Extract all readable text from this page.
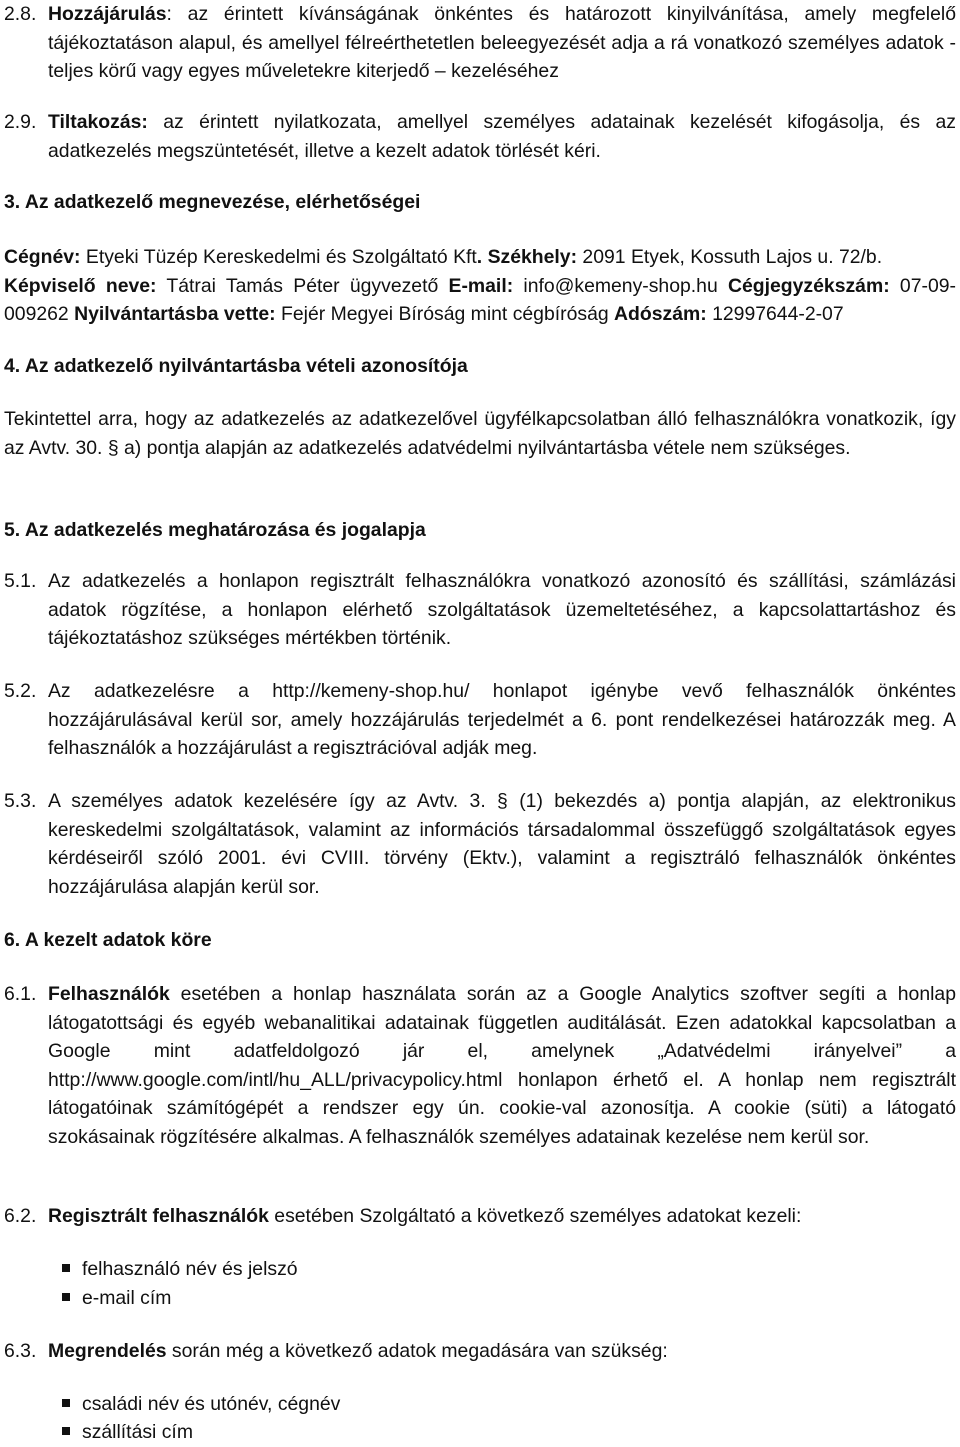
2.8. Hozzájárulás: az érintett kívánságának önkéntes és határozott kinyilvánítása, amely megfelelő tájékoztatáson alapul, és amellyel félreérthetetlen beleegyezését adja a rá vonatkozó személyes adatok - teljes körű vagy egyes műveletekre kiterjedő – kezeléséhez
2.9. Tiltakozás: az érintett nyilatkozata, amellyel személyes adatainak kezelését kifogásolja, és az adatkezelés megszüntetését, illetve a kezelt adatok törlését kéri.
3. Az adatkezelő megnevezése, elérhetőségei
Cégnév: Etyeki Tüzép Kereskedelmi és Szolgáltató Kft. Székhely: 2091 Etyek, Kossuth Lajos u. 72/b.
Képviselő neve: Tátrai Tamás Péter ügyvezető E-mail: info@kemeny-shop.hu Cégjegyzékszám: 07-09-009262 Nyilvántartásba vette: Fejér Megyei Bíróság mint cégbíróság Adószám: 12997644-2-07
4. Az adatkezelő nyilvántartásba vételi azonosítója
Tekintettel arra, hogy az adatkezelés az adatkezelővel ügyfélkapcsolatban álló felhasználókra vonatkozik, így az Avtv. 30. § a) pontja alapján az adatkezelés adatvédelmi nyilvántartásba vétele nem szükséges.
5. Az adatkezelés meghatározása és jogalapja
5.1. Az adatkezelés a honlapon regisztrált felhasználókra vonatkozó azonosító és szállítási, számlázási adatok rögzítése, a honlapon elérhető szolgáltatások üzemeltetéséhez, a kapcsolattartáshoz és tájékoztatáshoz szükséges mértékben történik.
5.2. Az adatkezelésre a http://kemeny-shop.hu/ honlapot igénybe vevő felhasználók önkéntes hozzájárulásával kerül sor, amely hozzájárulás terjedelmét a 6. pont rendelkezései határozzák meg. A felhasználók a hozzájárulást a regisztrációval adják meg.
5.3. A személyes adatok kezelésére így az Avtv. 3. § (1) bekezdés a) pontja alapján, az elektronikus kereskedelmi szolgáltatások, valamint az információs társadalommal összefüggő szolgáltatások egyes kérdéseiről szóló 2001. évi CVIII. törvény (Ektv.), valamint a regisztráló felhasználók önkéntes hozzájárulása alapján kerül sor.
6. A kezelt adatok köre
6.1. Felhasználók esetében a honlap használata során az a Google Analytics szoftver segíti a honlap látogatottsági és egyéb webanalitikai adatainak független auditálását. Ezen adatokkal kapcsolatban a Google mint adatfeldolgozó jár el, amelynek „Adatvédelmi irányelvei” a http://www.google.com/intl/hu_ALL/privacypolicy.html honlapon érhető el. A honlap nem regisztrált látogatóinak számítógépét a rendszer egy ún. cookie-val azonosítja. A cookie (süti) a látogató szokásainak rögzítésére alkalmas. A felhasználók személyes adatainak kezelése nem kerül sor.
6.2. Regisztrált felhasználók esetében Szolgáltató a következő személyes adatokat kezeli:
felhasználó név és jelszó
e-mail cím
6.3. Megrendelés során még a következő adatok megadására van szükség:
családi név és utónév, cégnév
szállítási cím
